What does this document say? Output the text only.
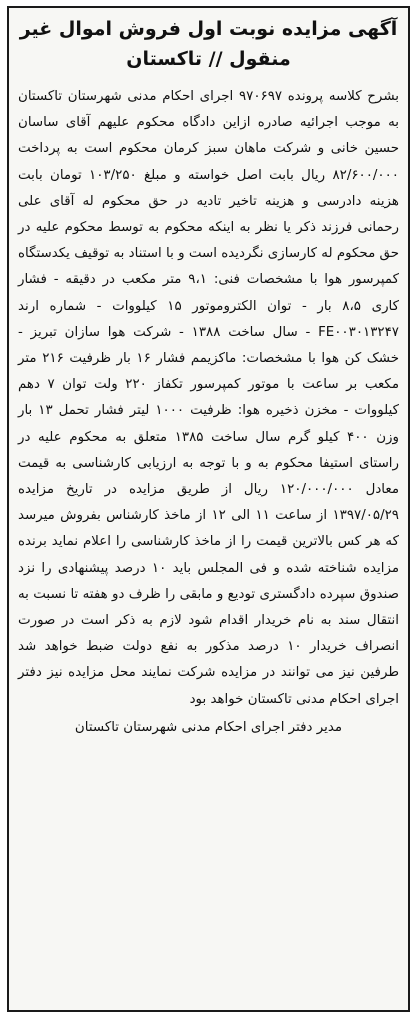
آگهی مزایده نوبت اول فروش اموال غیر
منقول // تاکستان

بشرح کلاسه پرونده ۹۷۰۶۹۷ اجرای احکام مدنی شهرستان تاکستان به موجب اجرائیه صادره ازاین دادگاه محکوم علیهم آقای ساسان حسین خانی و شرکت ماهان سبز کرمان محکوم است به پرداخت ۸۲/۶۰۰/۰۰۰ ریال بابت اصل خواسته و مبلغ ۱۰۳/۲۵۰ تومان بابت هزینه دادرسی و هزینه تاخیر تادیه در حق محکوم له آقای علی رحمانی فرزند ذکر یا نظر به اینکه محکوم به توسط محکوم علیه در حق محکوم له کارسازی نگردیده است و با استناد به توقیف یکدستگاه کمپرسور هوا با مشخصات فنی: ۹،۱ متر مکعب در دقیقه - فشار کاری ۸،۵ بار - توان الکتروموتور ۱۵ کیلووات - شماره ارند FE۰۰۳۰۱۳۲۴۷ - سال ساخت ۱۳۸۸ - شرکت هوا سازان تبریز - خشک کن هوا با مشخصات: ماکزیمم فشار ۱۶ بار ظرفیت ۲۱۶ متر مکعب بر ساعت با موتور کمپرسور تکفاز ۲۲۰ ولت توان ۷ دهم کیلووات - مخزن ذخیره هوا: ظرفیت ۱۰۰۰ لیتر فشار تحمل ۱۳ بار وزن ۴۰۰ کیلو گرم سال ساخت ۱۳۸۵ متعلق به محکوم علیه در راستای استیفا محکوم به و با توجه به ارزیابی کارشناسی به قیمت معادل ۱۲۰/۰۰۰/۰۰۰ ریال از طریق مزایده در تاریخ مزایده ۱۳۹۷/۰۵/۲۹ از ساعت ۱۱ الی ۱۲ از ماخذ کارشناس بفروش میرسد که هر کس بالاترین قیمت را از ماخذ کارشناسی را اعلام نماید برنده مزایده شناخته شده و فی المجلس باید ۱۰ درصد پیشنهادی را نزد صندوق سپرده دادگستری تودیع و مابقی را ظرف دو هفته تا نسبت به انتقال سند به نام خریدار اقدام شود لازم به ذکر است در صورت انصراف خریدار ۱۰ درصد مذکور به نفع دولت ضبط خواهد شد طرفین نیز می توانند در مزایده شرکت نمایند محل مزایده نیز دفتر اجرای احکام مدنی تاکستان خواهد بود

مدیر دفتر اجرای احکام مدنی شهرستان تاکستان
